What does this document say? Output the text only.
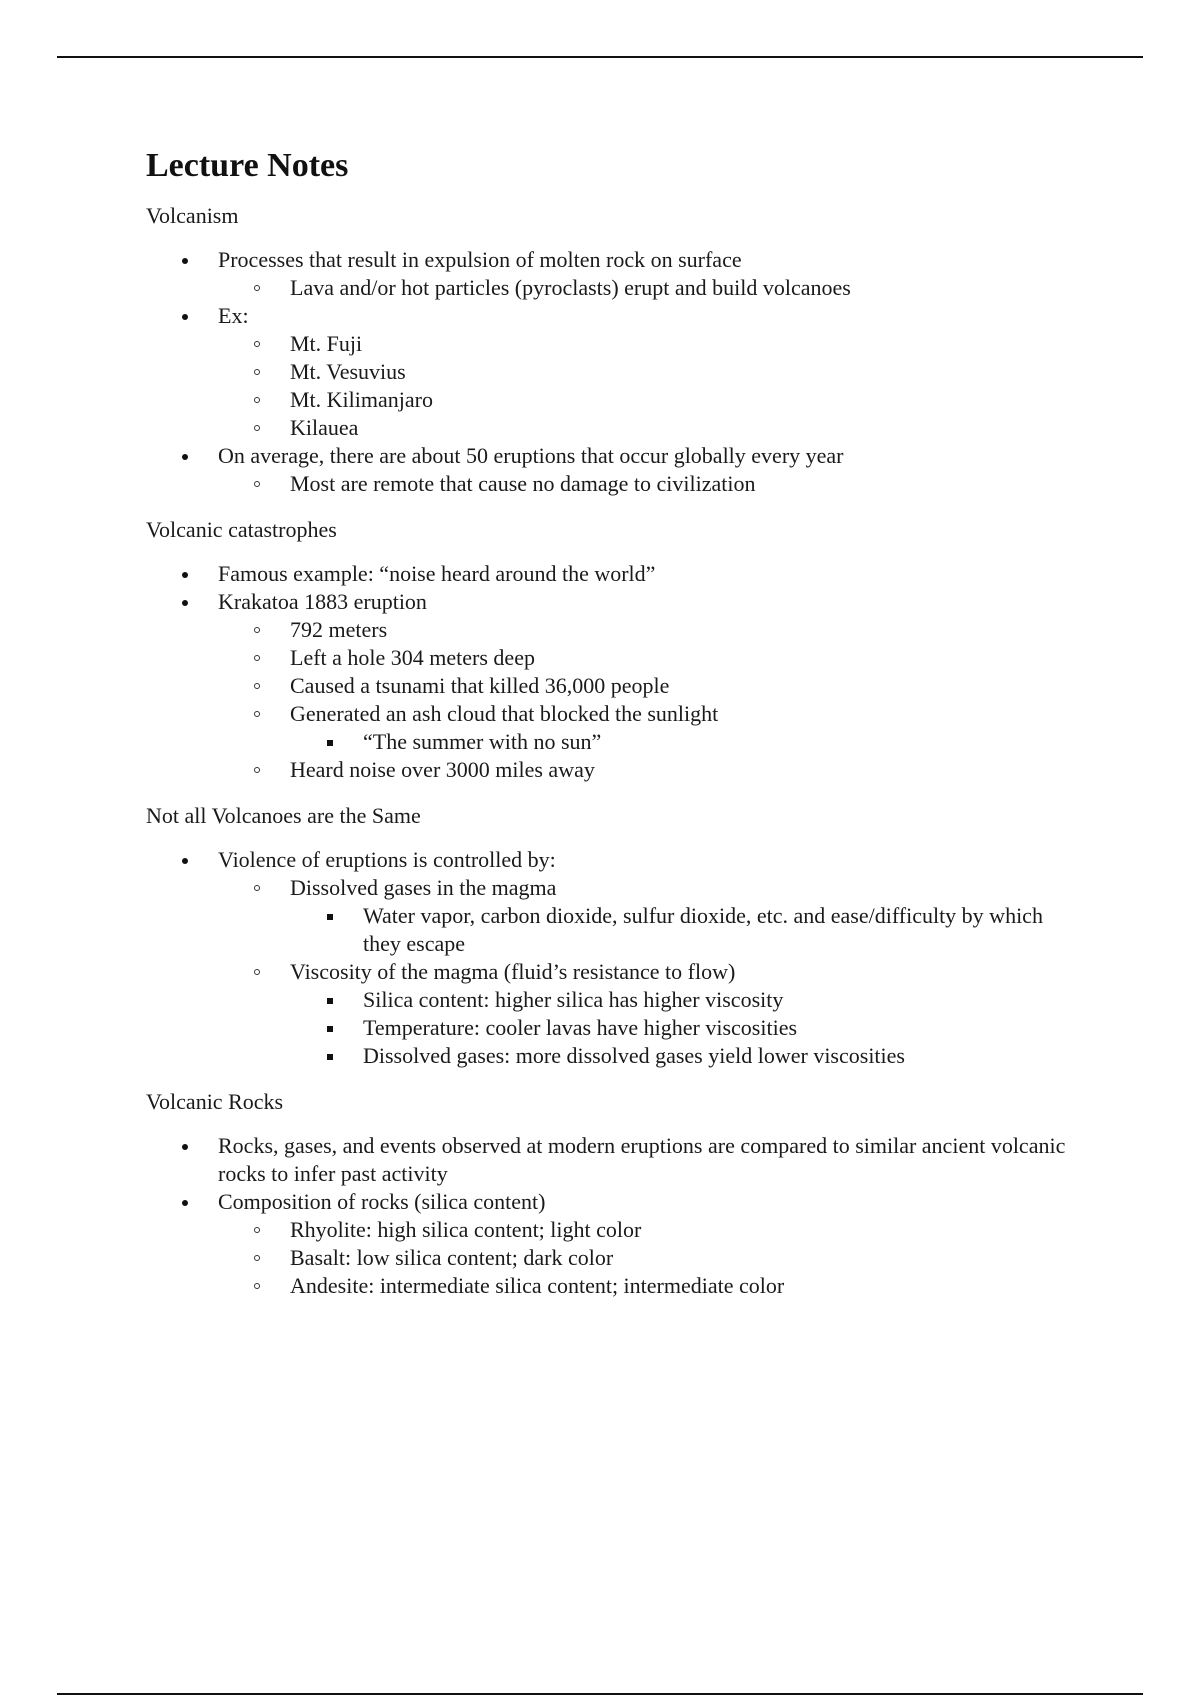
Lecture Notes
Volcanism
Processes that result in expulsion of molten rock on surface
Lava and/or hot particles (pyroclasts) erupt and build volcanoes
Ex:
Mt. Fuji
Mt. Vesuvius
Mt. Kilimanjaro
Kilauea
On average, there are about 50 eruptions that occur globally every year
Most are remote that cause no damage to civilization
Volcanic catastrophes
Famous example: “noise heard around the world”
Krakatoa 1883 eruption
792 meters
Left a hole 304 meters deep
Caused a tsunami that killed 36,000 people
Generated an ash cloud that blocked the sunlight
“The summer with no sun”
Heard noise over 3000 miles away
Not all Volcanoes are the Same
Violence of eruptions is controlled by:
Dissolved gases in the magma
Water vapor, carbon dioxide, sulfur dioxide, etc. and ease/difficulty by which they escape
Viscosity of the magma (fluid’s resistance to flow)
Silica content: higher silica has higher viscosity
Temperature: cooler lavas have higher viscosities
Dissolved gases: more dissolved gases yield lower viscosities
Volcanic Rocks
Rocks, gases, and events observed at modern eruptions are compared to similar ancient volcanic rocks to infer past activity
Composition of rocks (silica content)
Rhyolite: high silica content; light color
Basalt: low silica content; dark color
Andesite: intermediate silica content; intermediate color
